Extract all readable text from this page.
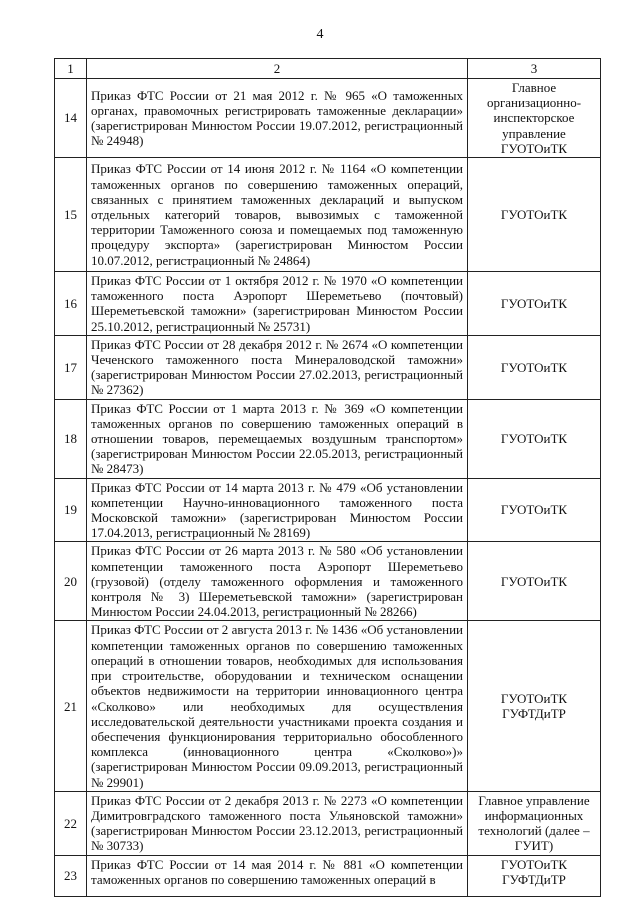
4
1	2	3
14	Приказ ФТС России от 21 мая 2012 г. № 965 «О таможенных органах, правомочных регистрировать таможенные декларации» (зарегистрирован Минюстом России 19.07.2012, регистрационный № 24948)	Главное организационно-инспекторское управление ГУОТОиТК
15	Приказ ФТС России от 14 июня 2012 г. № 1164 «О компетенции таможенных органов по совершению таможенных операций, связанных с принятием таможенных деклараций и выпуском отдельных категорий товаров, вывозимых с таможенной территории Таможенного союза и помещаемых под таможенную процедуру экспорта» (зарегистрирован Минюстом России 10.07.2012, регистрационный № 24864)	ГУОТОиТК
16	Приказ ФТС России от 1 октября 2012 г. № 1970 «О компетенции таможенного поста Аэропорт Шереметьево (почтовый) Шереметьевской таможни» (зарегистрирован Минюстом России 25.10.2012, регистрационный № 25731)	ГУОТОиТК
17	Приказ ФТС России от 28 декабря 2012 г. № 2674 «О компетенции Чеченского таможенного поста Минераловодской таможни» (зарегистрирован Минюстом России 27.02.2013, регистрационный № 27362)	ГУОТОиТК
18	Приказ ФТС России от 1 марта 2013 г. № 369 «О компетенции таможенных органов по совершению таможенных операций в отношении товаров, перемещаемых воздушным транспортом» (зарегистрирован Минюстом России 22.05.2013, регистрационный № 28473)	ГУОТОиТК
19	Приказ ФТС России от 14 марта 2013 г. № 479 «Об установлении компетенции Научно-инновационного таможенного поста Московской таможни» (зарегистрирован Минюстом России 17.04.2013, регистрационный № 28169)	ГУОТОиТК
20	Приказ ФТС России от 26 марта 2013 г. № 580 «Об установлении компетенции таможенного поста Аэропорт Шереметьево (грузовой) (отделу таможенного оформления и таможенного контроля № 3) Шереметьевской таможни» (зарегистрирован Минюстом России 24.04.2013, регистрационный № 28266)	ГУОТОиТК
21	Приказ ФТС России от 2 августа 2013 г. № 1436 «Об установлении компетенции таможенных органов по совершению таможенных операций в отношении товаров, необходимых для использования при строительстве, оборудовании и техническом оснащении объектов недвижимости на территории инновационного центра «Сколково» или необходимых для осуществления исследовательской деятельности участниками проекта создания и обеспечения функционирования территориально обособленного комплекса (инновационного центра «Сколково»)» (зарегистрирован Минюстом России 09.09.2013, регистрационный № 29901)	ГУОТОиТК ГУФТДиТР
22	Приказ ФТС России от 2 декабря 2013 г. № 2273 «О компетенции Димитровградского таможенного поста Ульяновской таможни» (зарегистрирован Минюстом России 23.12.2013, регистрационный № 30733)	Главное управление информационных технологий (далее – ГУИТ)
23	Приказ ФТС России от 14 мая 2014 г. № 881 «О компетенции таможенных органов по совершению таможенных операций в	ГУОТОиТК ГУФТДиТР
